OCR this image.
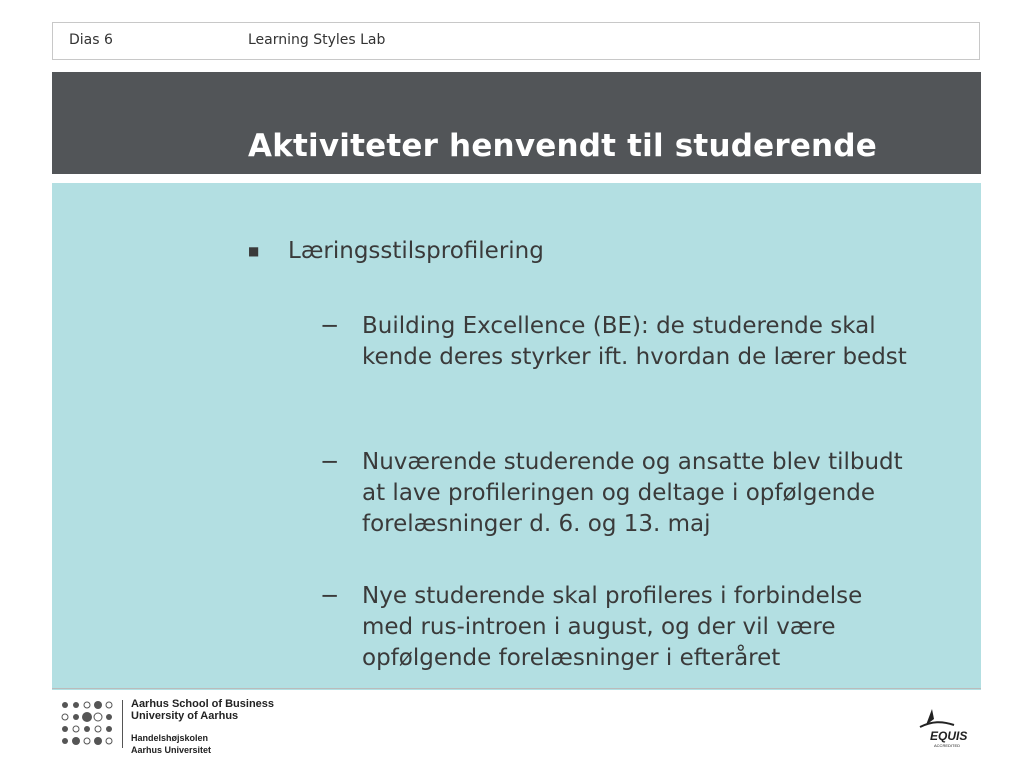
Dias 6	Learning Styles Lab
Aktiviteter henvendt til studerende
■	Læringsstilsprofilering
− Building Excellence (BE): de studerende skal kende deres styrker ift. hvordan de lærer bedst
− Nuværende studerende og ansatte blev tilbudt at lave profileringen og deltage i opfølgende forelæsninger d. 6. og 13. maj
− Nye studerende skal profileres i forbindelse med rus-introen i august, og der vil være opfølgende forelæsninger i efteråret
Aarhus School of Business
University of Aarhus
Handelshøjskolen
Aarhus Universitet
EQUIS
ACCREDITED
